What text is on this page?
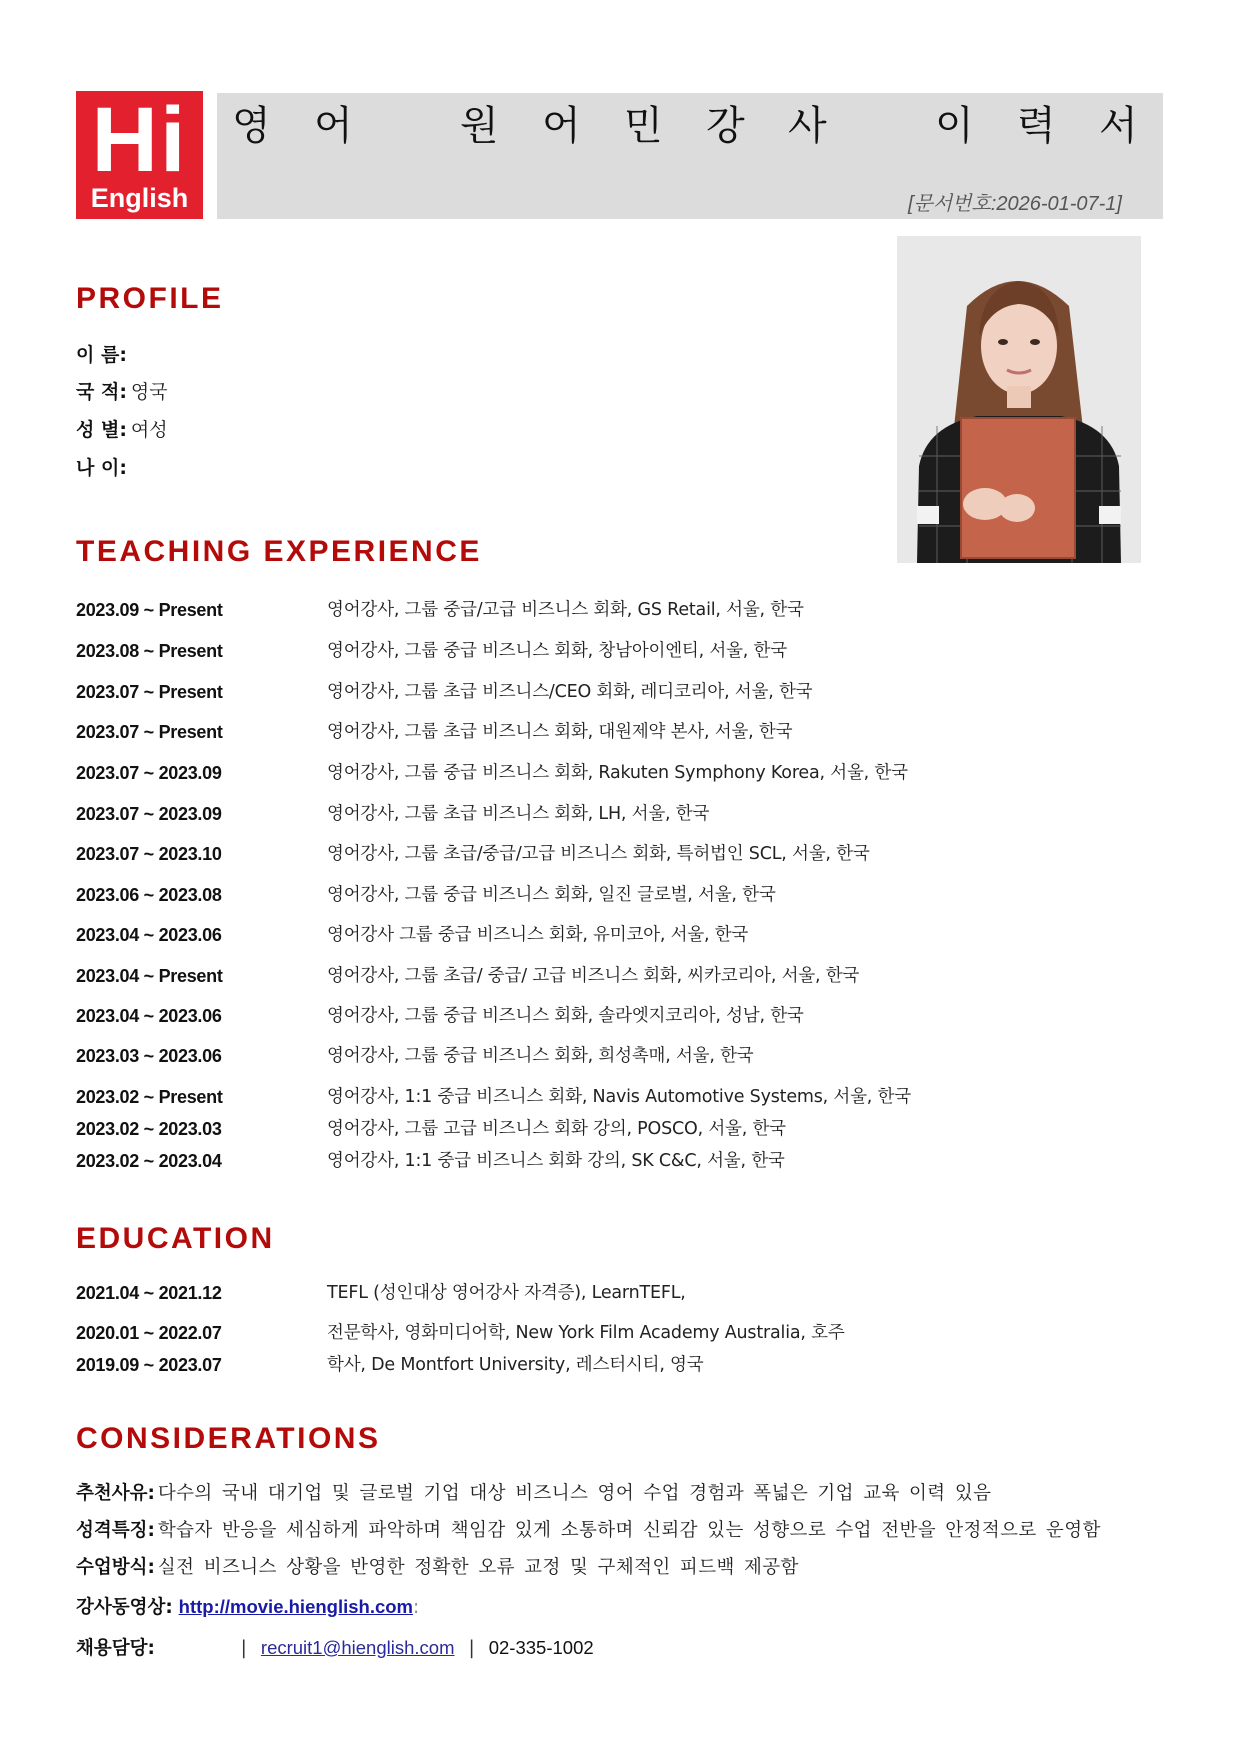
Hi
English

영

어

	원

어

민

강

사

	이

력

서

[문서번호:2026-01-07-1]
PROFILE
이 름:
국 적: 영국
성 별: 여성
나 이:
TEACHING EXPERIENCE
2023.09 ~ Present	영어강사, 그룹 중급/고급 비즈니스 회화, GS Retail, 서울, 한국
2023.08 ~ Present	영어강사, 그룹 중급 비즈니스 회화, 창남아이엔티, 서울, 한국
2023.07 ~ Present	영어강사, 그룹 초급 비즈니스/CEO 회화, 레디코리아, 서울, 한국
2023.07 ~ Present	영어강사, 그룹 초급 비즈니스 회화, 대원제약 본사, 서울, 한국
2023.07 ~ 2023.09	영어강사, 그룹 중급 비즈니스 회화, Rakuten Symphony Korea, 서울, 한국
2023.07 ~ 2023.09	영어강사, 그룹 초급 비즈니스 회화, LH, 서울, 한국
2023.07 ~ 2023.10	영어강사, 그룹 초급/중급/고급 비즈니스 회화, 특허법인 SCL, 서울, 한국
2023.06 ~ 2023.08	영어강사, 그룹 중급 비즈니스 회화, 일진 글로벌, 서울, 한국
2023.04 ~ 2023.06	영어강사 그룹 중급 비즈니스 회화, 유미코아, 서울, 한국
2023.04 ~ Present	영어강사, 그룹 초급/ 중급/ 고급 비즈니스 회화, 씨카코리아, 서울, 한국
2023.04 ~ 2023.06	영어강사, 그룹 중급 비즈니스 회화, 솔라엣지코리아, 성남, 한국
2023.03 ~ 2023.06	영어강사, 그룹 중급 비즈니스 회화, 희성촉매, 서울, 한국
2023.02 ~ Present	영어강사, 1:1 중급 비즈니스 회화, Navis Automotive Systems, 서울, 한국
2023.02 ~ 2023.03	영어강사, 그룹 고급 비즈니스 회화 강의, POSCO, 서울, 한국
2023.02 ~ 2023.04	영어강사, 1:1 중급 비즈니스 회화 강의, SK C&C, 서울, 한국
EDUCATION
2021.04 ~ 2021.12	TEFL (성인대상 영어강사 자격증), LearnTEFL,
2020.01 ~ 2022.07	전문학사, 영화미디어학, New York Film Academy Australia, 호주
2019.09 ~ 2023.07	학사, De Montfort University, 레스터시티, 영국
CONSIDERATIONS
추천사유: 다수의 국내 대기업 및 글로벌 기업 대상 비즈니스 영어 수업 경험과 폭넓은 기업 교육 이력 있음
성격특징: 학습자 반응을 세심하게 파악하며 책임감 있게 소통하며 신뢰감 있는 성향으로 수업 전반을 안정적으로 운영함
수업방식: 실전 비즈니스 상황을 반영한 정확한 오류 교정 및 구체적인 피드백 제공함
강사동영상: http://movie.hienglish.com:
채용담당:	| recruit1@hienglish.com | 02-335-1002
